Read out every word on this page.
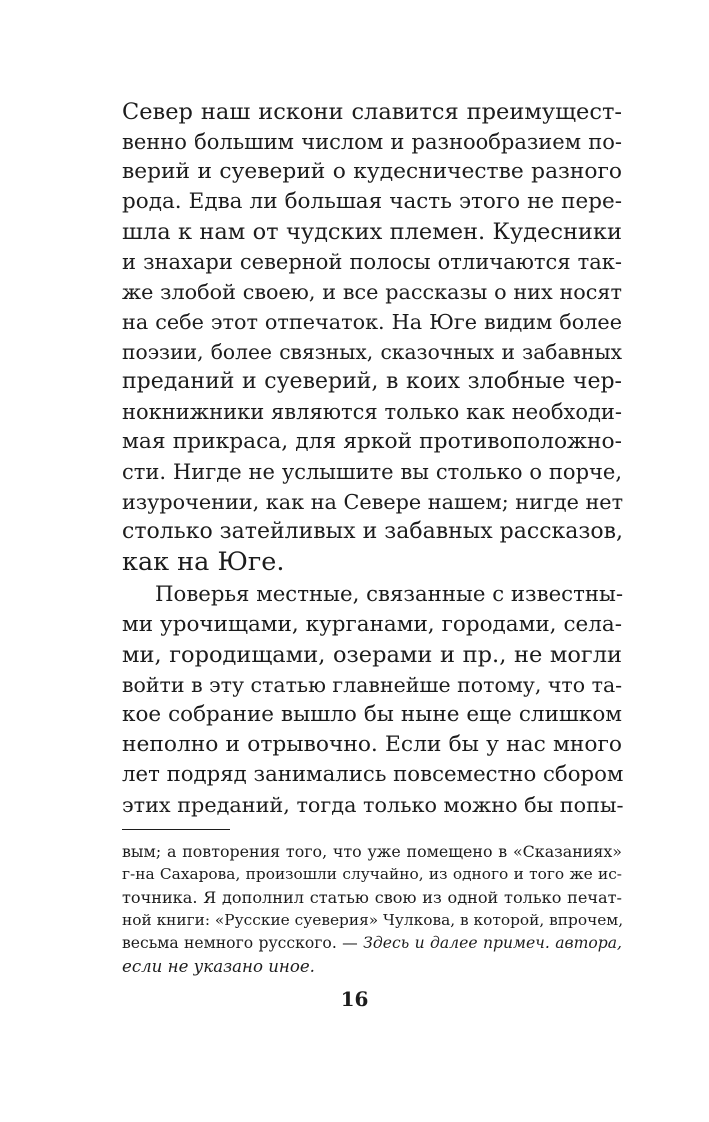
Север наш искони славится преимущест-
венно большим числом и разнообразием по-
верий и суеверий о кудесничестве разного
рода. Едва ли большая часть этого не пере-
шла к нам от чудских племен. Кудесники
и знахари северной полосы отличаются так-
же злобой своею, и все рассказы о них носят
на себе этот отпечаток. На Юге видим более
поэзии, более связных, сказочных и забавных
преданий и суеверий, в коих злобные чер-
нокнижники являются только как необходи-
мая прикраса, для яркой противоположно-
сти. Нигде не услышите вы столько о порче,
изурочении, как на Севере нашем; нигде нет
столько затейливых и забавных рассказов,
как на Юге.
Поверья местные, связанные с известны-
ми урочищами, курганами, городами, села-
ми, городищами, озерами и пр., не могли
войти в эту статью главнейше потому, что та-
кое собрание вышло бы ныне еще слишком
неполно и отрывочно. Если бы у нас много
лет подряд занимались повсеместно сбором
этих преданий, тогда только можно бы попы-
вым; а повторения того, что уже помещено в «Сказаниях»
г-на Сахарова, произошли случайно, из одного и того же ис-
точника. Я дополнил статью свою из одной только печат-
ной книги: «Русские суеверия» Чулкова, в которой, впрочем,
весьма немного русского. — Здесь и далее примеч. автора,
если не указано иное.
16
